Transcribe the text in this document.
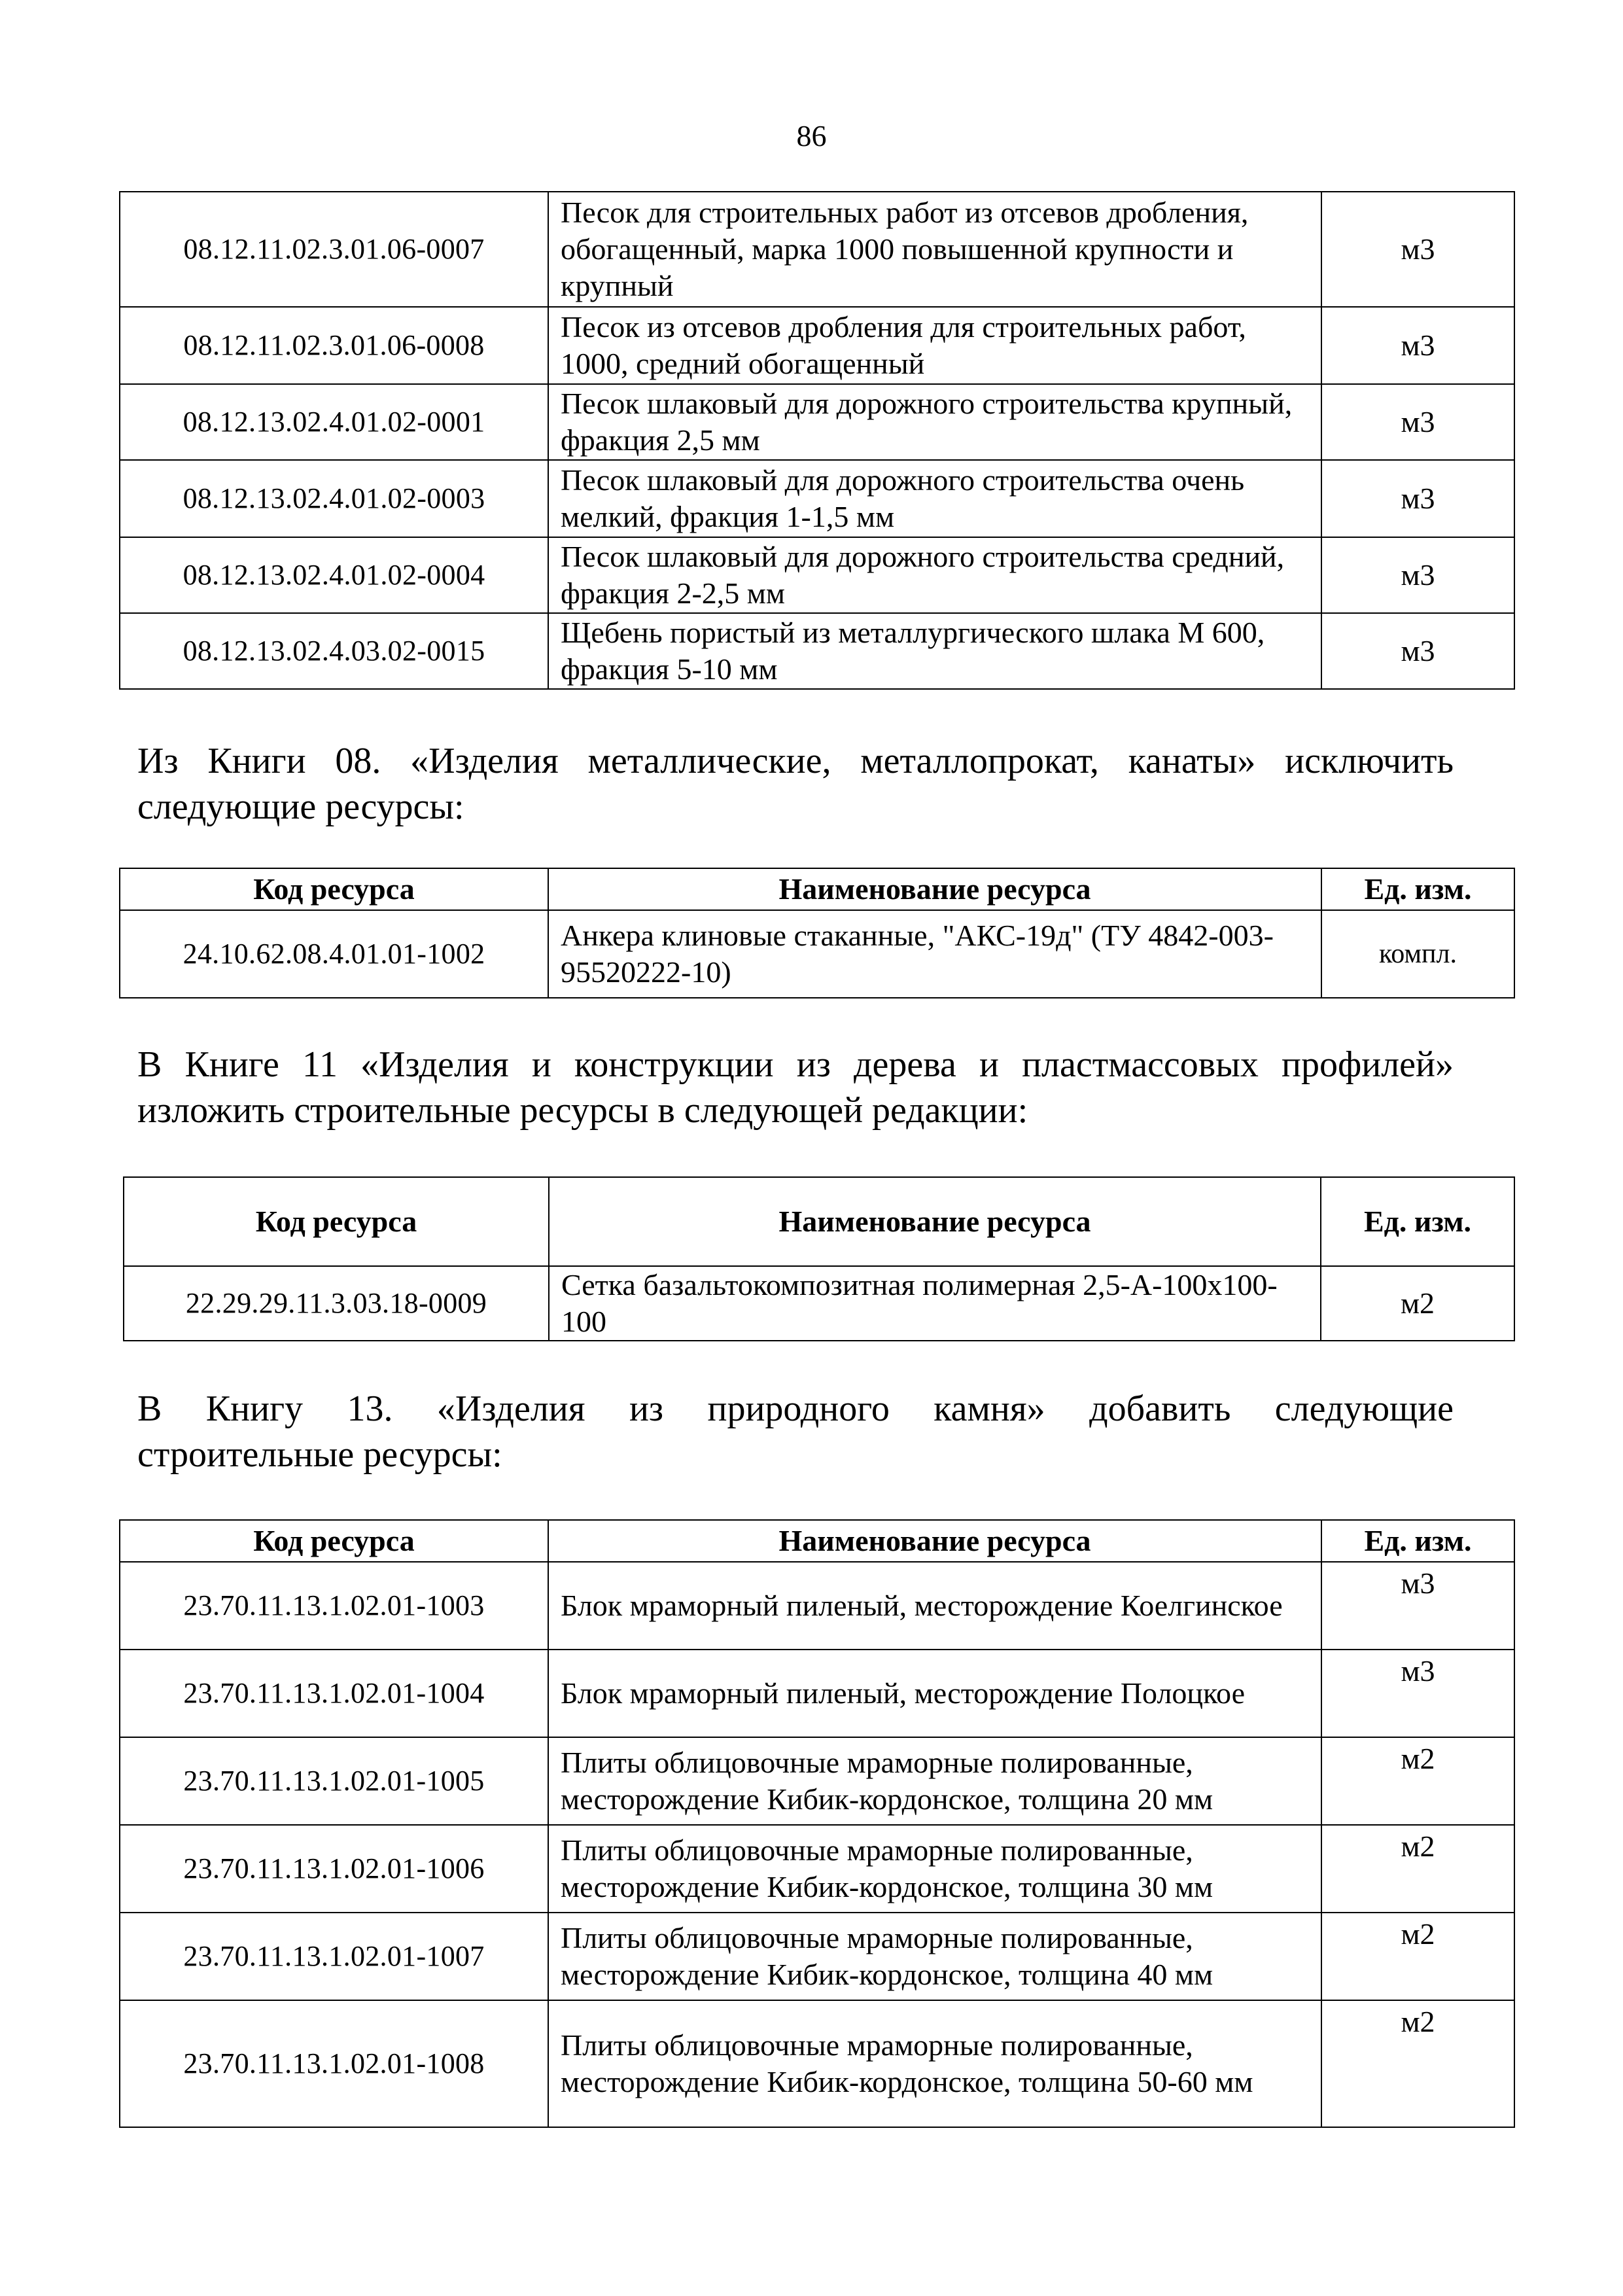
86
08.12.11.02.3.01.06-0007	Песок для строительных работ из отсевов дробления, обогащенный, марка 1000 повышенной крупности и крупный	м3
08.12.11.02.3.01.06-0008	Песок из отсевов дробления для строительных работ, 1000, средний обогащенный	м3
08.12.13.02.4.01.02-0001	Песок шлаковый для дорожного строительства крупный, фракция 2,5 мм	м3
08.12.13.02.4.01.02-0003	Песок шлаковый для дорожного строительства очень мелкий, фракция 1-1,5 мм	м3
08.12.13.02.4.01.02-0004	Песок шлаковый для дорожного строительства средний, фракция 2-2,5 мм	м3
08.12.13.02.4.03.02-0015	Щебень пористый из металлургического шлака М 600, фракция 5-10 мм	м3
Из Книги 08. «Изделия металлические, металлопрокат, канаты» исключить
следующие ресурсы:
Код ресурса	Наименование ресурса	Ед. изм.
24.10.62.08.4.01.01-1002	Анкера клиновые стаканные, "АКС-19д" (ТУ 4842-003- 95520222-10)	компл.
В Книге 11 «Изделия и конструкции из дерева и пластмассовых профилей»
изложить строительные ресурсы в следующей редакции:
Код ресурса	Наименование ресурса	Ед. изм.
22.29.29.11.3.03.18-0009	Сетка базальтокомпозитная полимерная 2,5-А-100х100-100	м2
В Книгу 13. «Изделия из природного камня» добавить следующие
строительные ресурсы:
Код ресурса	Наименование ресурса	Ед. изм.
23.70.11.13.1.02.01-1003	Блок мраморный пиленый, месторождение Коелгинское	м3
23.70.11.13.1.02.01-1004	Блок мраморный пиленый, месторождение Полоцкое	м3
23.70.11.13.1.02.01-1005	Плиты облицовочные мраморные полированные, месторождение Кибик-кордонское, толщина 20 мм	м2
23.70.11.13.1.02.01-1006	Плиты облицовочные мраморные полированные, месторождение Кибик-кордонское, толщина 30 мм	м2
23.70.11.13.1.02.01-1007	Плиты облицовочные мраморные полированные, месторождение Кибик-кордонское, толщина 40 мм	м2
23.70.11.13.1.02.01-1008	Плиты облицовочные мраморные полированные, месторождение Кибик-кордонское, толщина 50-60 мм	м2
